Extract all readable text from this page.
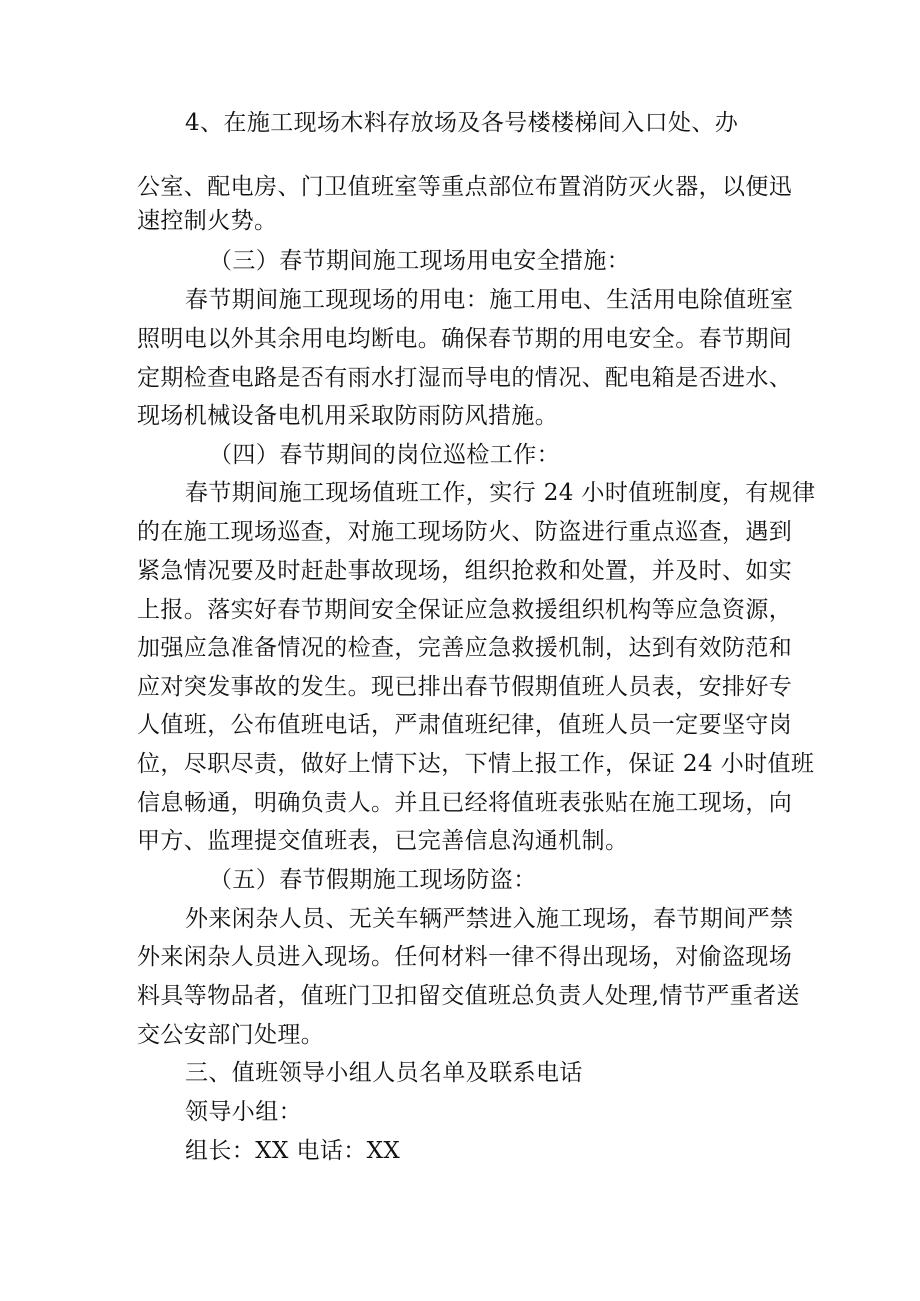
4、在施工现场木料存放场及各号楼楼梯间入口处、办
公室、配电房、门卫值班室等重点部位布置消防灭火器，以便迅
速控制火势。
（三）春节期间施工现场用电安全措施：
春节期间施工现现场的用电：施工用电、生活用电除值班室
照明电以外其余用电均断电。确保春节期的用电安全。春节期间
定期检查电路是否有雨水打湿而导电的情况、配电箱是否进水、
现场机械设备电机用采取防雨防风措施。
（四）春节期间的岗位巡检工作：
春节期间施工现场值班工作，实行 24 小时值班制度，有规律
的在施工现场巡查，对施工现场防火、防盗进行重点巡查，遇到
紧急情况要及时赶赴事故现场，组织抢救和处置，并及时、如实
上报。落实好春节期间安全保证应急救援组织机构等应急资源，
加强应急准备情况的检查，完善应急救援机制，达到有效防范和
应对突发事故的发生。现已排出春节假期值班人员表，安排好专
人值班，公布值班电话，严肃值班纪律，值班人员一定要坚守岗
位，尽职尽责，做好上情下达，下情上报工作，保证 24 小时值班
信息畅通，明确负责人。并且已经将值班表张贴在施工现场，向
甲方、监理提交值班表，已完善信息沟通机制。
（五）春节假期施工现场防盗：
外来闲杂人员、无关车辆严禁进入施工现场，春节期间严禁
外来闲杂人员进入现场。任何材料一律不得出现场，对偷盗现场
料具等物品者，值班门卫扣留交值班总负责人处理,情节严重者送
交公安部门处理。
三、值班领导小组人员名单及联系电话
领导小组：
组长：XX 电话：XX
